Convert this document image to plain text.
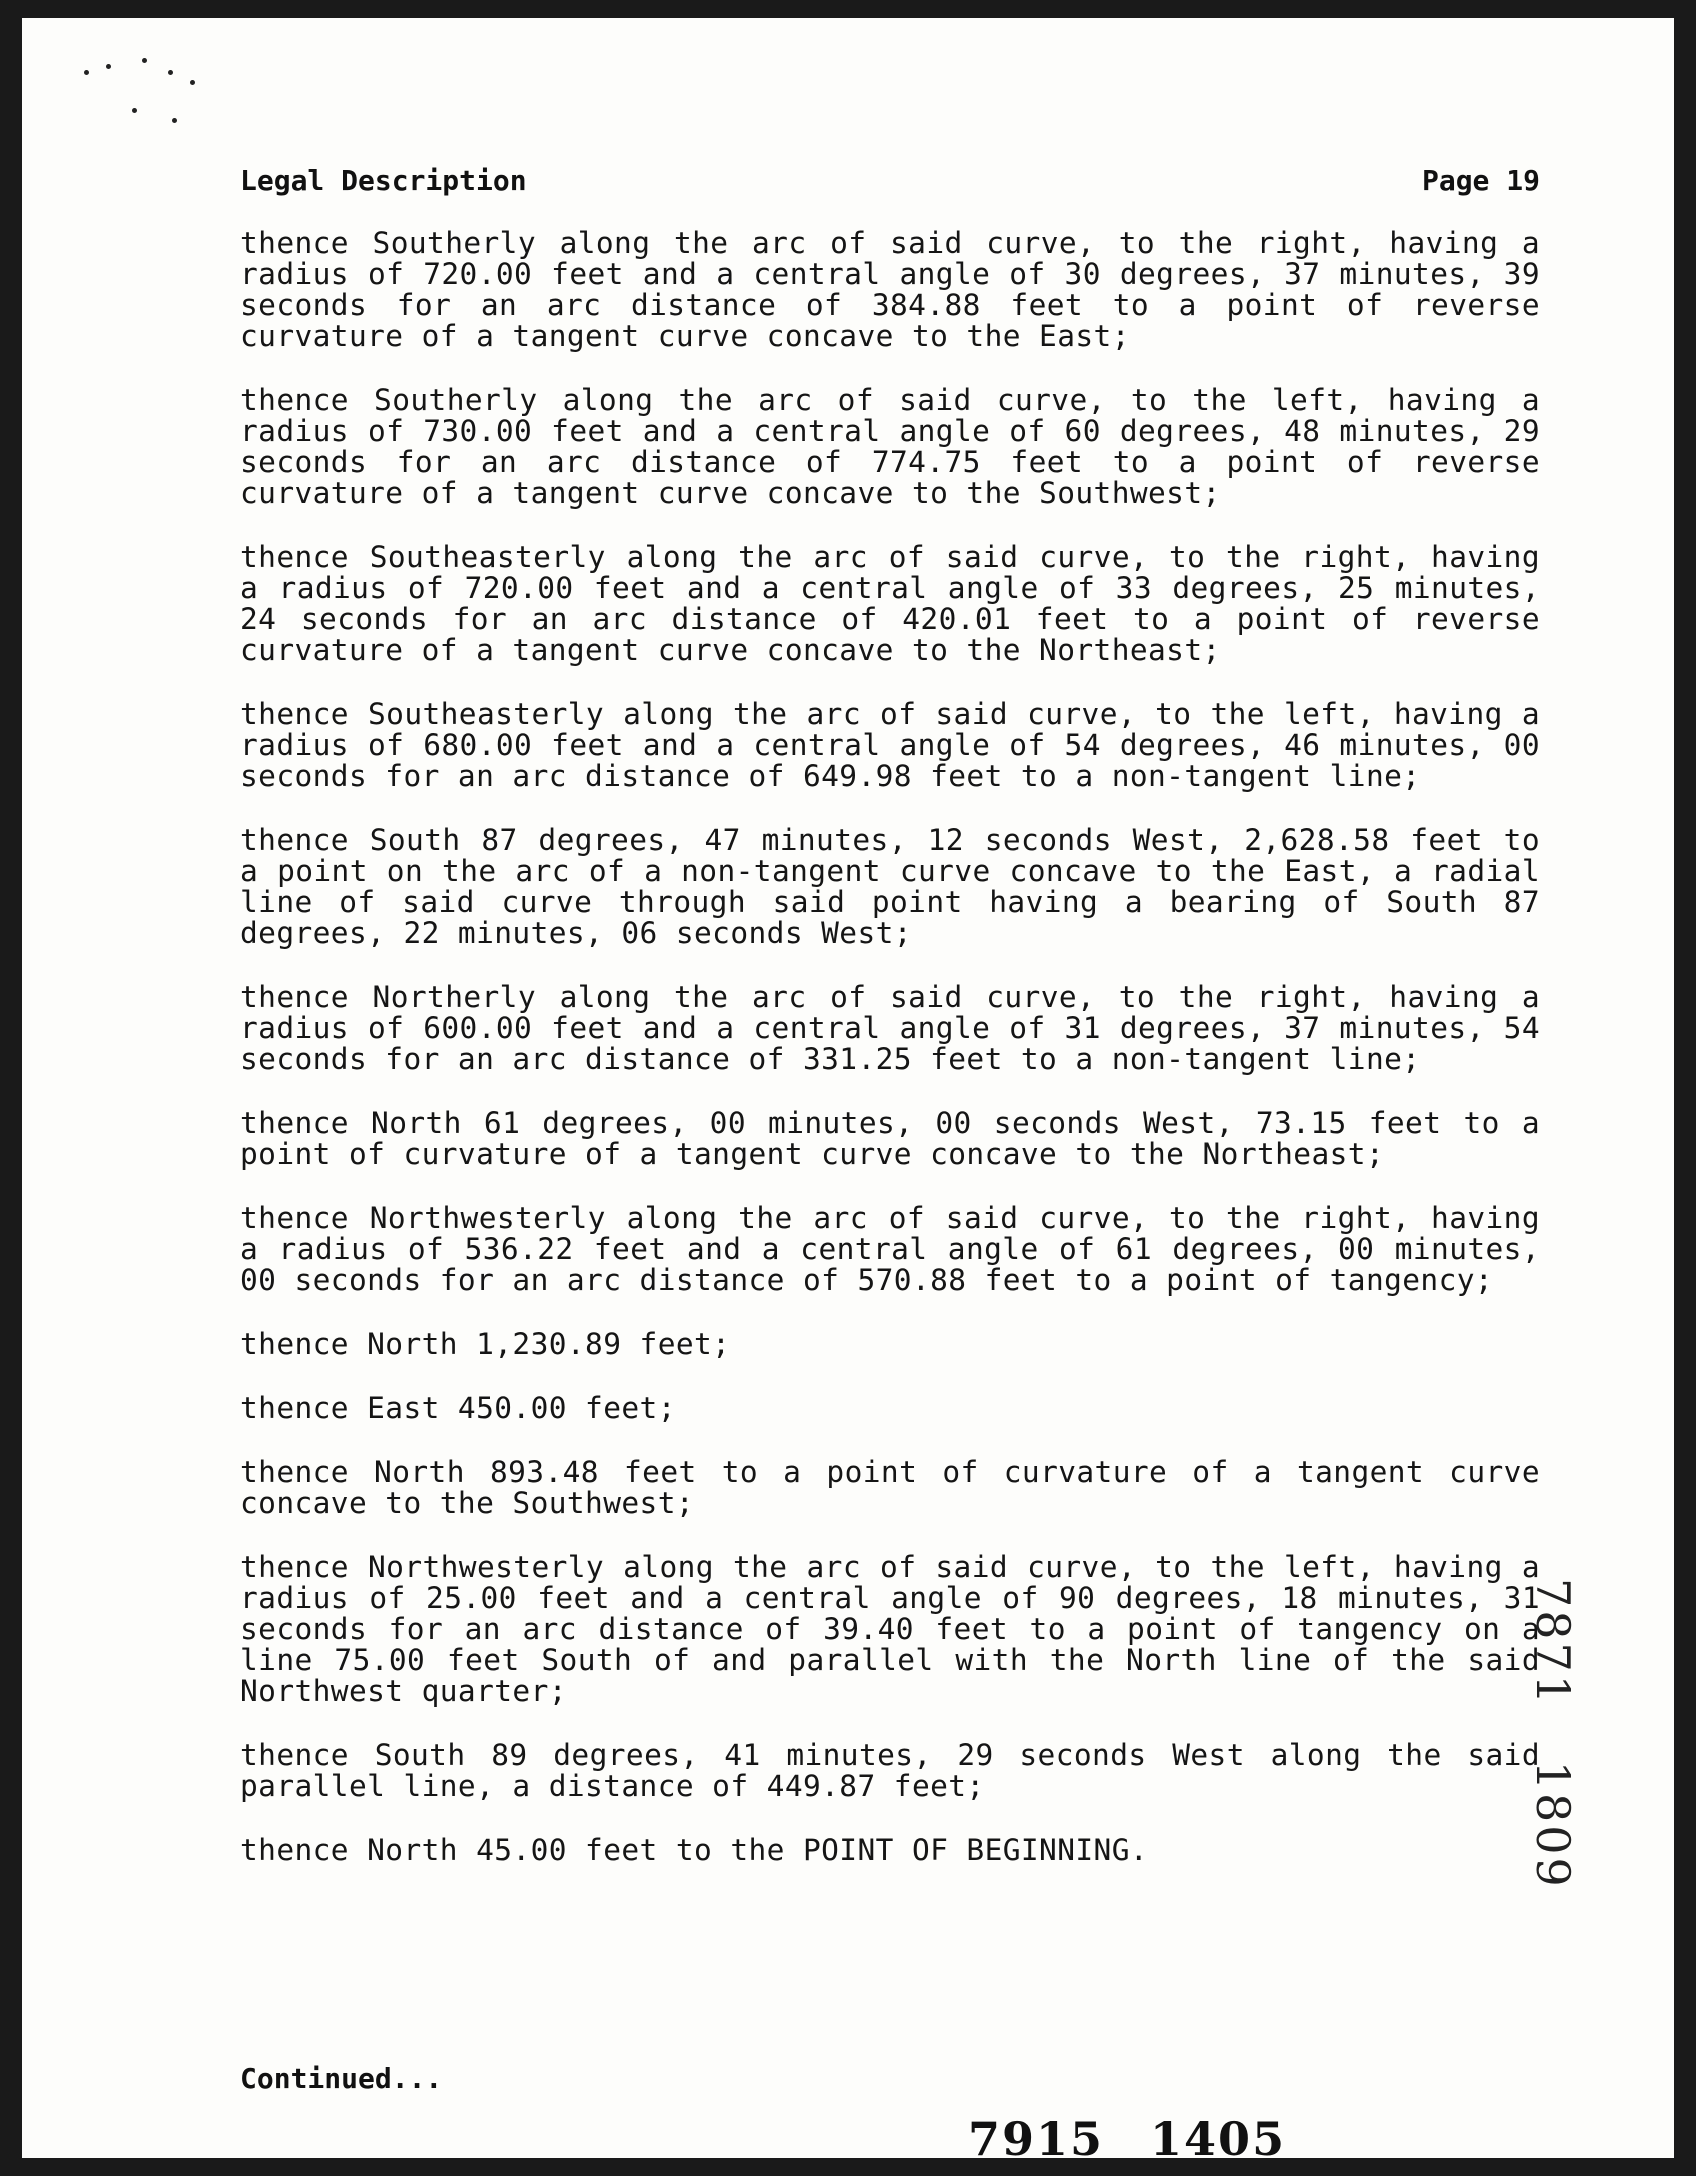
Legal Description	Page 19

thence Southerly along the arc of said curve, to the right, having a radius of 720.00 feet and a central angle of 30 degrees, 37 minutes, 39 seconds for an arc distance of 384.88 feet to a point of reverse curvature of a tangent curve concave to the East;

thence Southerly along the arc of said curve, to the left, having a radius of 730.00 feet and a central angle of 60 degrees, 48 minutes, 29 seconds for an arc distance of 774.75 feet to a point of reverse curvature of a tangent curve concave to the Southwest;

thence Southeasterly along the arc of said curve, to the right, having a radius of 720.00 feet and a central angle of 33 degrees, 25 minutes, 24 seconds for an arc distance of 420.01 feet to a point of reverse curvature of a tangent curve concave to the Northeast;

thence Southeasterly along the arc of said curve, to the left, having a radius of 680.00 feet and a central angle of 54 degrees, 46 minutes, 00 seconds for an arc distance of 649.98 feet to a non-tangent line;

thence South 87 degrees, 47 minutes, 12 seconds West, 2,628.58 feet to a point on the arc of a non-tangent curve concave to the East, a radial line of said curve through said point having a bearing of South 87 degrees, 22 minutes, 06 seconds West;

thence Northerly along the arc of said curve, to the right, having a radius of 600.00 feet and a central angle of 31 degrees, 37 minutes, 54 seconds for an arc distance of 331.25 feet to a non-tangent line;

thence North 61 degrees, 00 minutes, 00 seconds West, 73.15 feet to a point of curvature of a tangent curve concave to the Northeast;

thence Northwesterly along the arc of said curve, to the right, having a radius of 536.22 feet and a central angle of 61 degrees, 00 minutes, 00 seconds for an arc distance of 570.88 feet to a point of tangency;

thence North 1,230.89 feet;

thence East 450.00 feet;

thence North 893.48 feet to a point of curvature of a tangent curve concave to the Southwest;

thence Northwesterly along the arc of said curve, to the left, having a radius of 25.00 feet and a central angle of 90 degrees, 18 minutes, 31 seconds for an arc distance of 39.40 feet to a point of tangency on a line 75.00 feet South of and parallel with the North line of the said Northwest quarter;

thence South 89 degrees, 41 minutes, 29 seconds West along the said parallel line, a distance of 449.87 feet;

thence North 45.00 feet to the POINT OF BEGINNING.

Continued...
7915 1405
7871 1809
